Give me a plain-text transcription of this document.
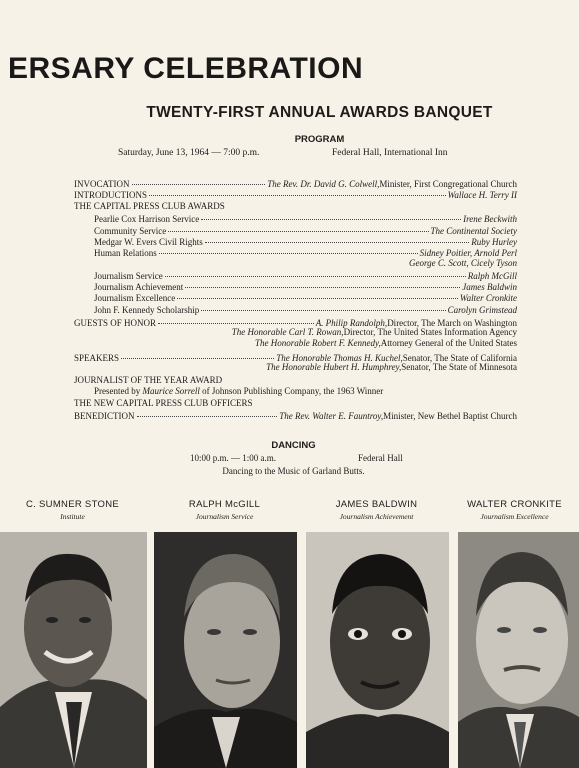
ERSARY CELEBRATION
TWENTY-FIRST ANNUAL AWARDS BANQUET
PROGRAM
Saturday, June 13, 1964 — 7:00 p.m.	Federal Hall, International Inn
INVOCATION	The Rev. Dr. David G. Colwell, Minister, First Congregational Church
INTRODUCTIONS	Wallace H. Terry II
THE CAPITAL PRESS CLUB AWARDS
Pearlie Cox Harrison Service	Irene Beckwith
Community Service	The Continental Society
Medgar W. Evers Civil Rights	Ruby Hurley
Human Relations	Sidney Poitier, Arnold Perl
George C. Scott, Cicely Tyson
Journalism Service	Ralph McGill
Journalism Achievement	James Baldwin
Journalism Excellence	Walter Cronkite
John F. Kennedy Scholarship	Carolyn Grimstead
GUESTS OF HONOR	A. Philip Randolph, Director, The March on Washington
The Honorable Carl T. Rowan, Director, The United States Information Agency
The Honorable Robert F. Kennedy, Attorney General of the United States
SPEAKERS	The Honorable Thomas H. Kuchel, Senator, The State of California
The Honorable Hubert H. Humphrey, Senator, The State of Minnesota
JOURNALIST OF THE YEAR AWARD
Presented by Maurice Sorrell of Johnson Publishing Company, the 1963 Winner
THE NEW CAPITAL PRESS CLUB OFFICERS
BENEDICTION	The Rev. Walter E. Fauntroy, Minister, New Bethel Baptist Church
DANCING
10:00 p.m. — 1:00 a.m.	Federal Hall
Dancing to the Music of Garland Butts.
C. SUMNER STONE
Institute
RALPH McGILL
Journalism Service
JAMES BALDWIN
Journalism Achievement
WALTER CRONKITE
Journalism Excellence
